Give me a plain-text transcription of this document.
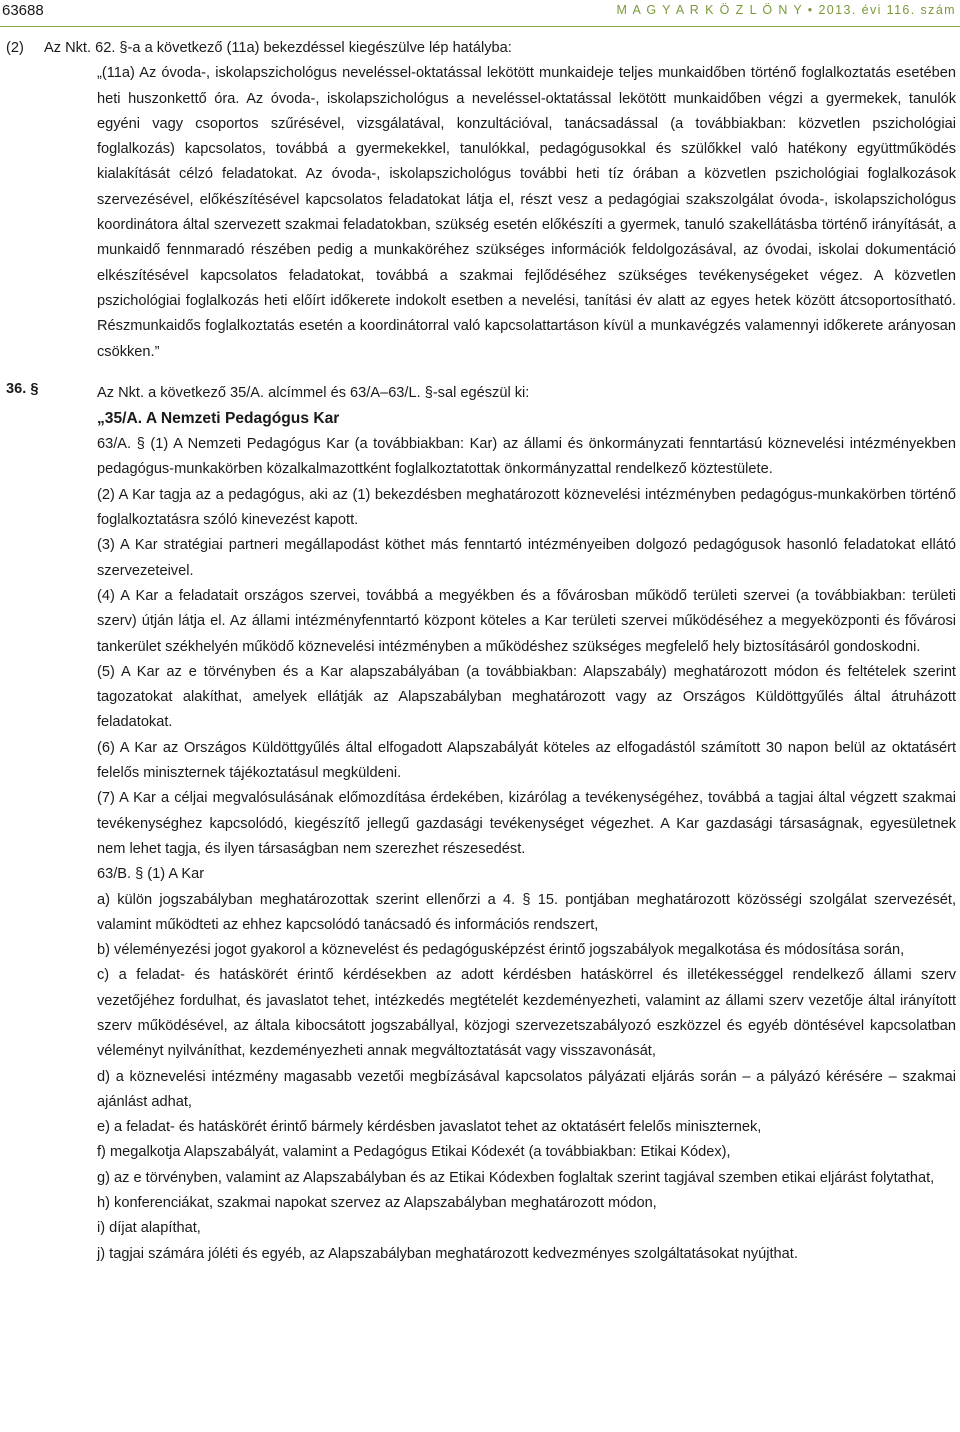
63688	M A G Y A R K Ö Z L Ö N Y • 2013. évi 116. szám

(2) Az Nkt. 62. §-a a következő (11a) bekezdéssel kiegészülve lép hatályba:

„(11a) Az óvoda-, iskolapszichológus neveléssel-oktatással lekötött munkaideje teljes munkaidőben történő foglalkoztatás esetében heti huszonkettő óra. Az óvoda-, iskolapszichológus a neveléssel-oktatással lekötött munkaidőben végzi a gyermekek, tanulók egyéni vagy csoportos szűrésével, vizsgálatával, konzultációval, tanácsadással (a továbbiakban: közvetlen pszichológiai foglalkozás) kapcsolatos, továbbá a gyermekekkel, tanulókkal, pedagógusokkal és szülőkkel való hatékony együttműködés kialakítását célzó feladatokat. Az óvoda-, iskolapszichológus további heti tíz órában a közvetlen pszichológiai foglalkozások szervezésével, előkészítésével kapcsolatos feladatokat látja el, részt vesz a pedagógiai szakszolgálat óvoda-, iskolapszichológus koordinátora által szervezett szakmai feladatokban, szükség esetén előkészíti a gyermek, tanuló szakellátásba történő irányítását, a munkaidő fennmaradó részében pedig a munkaköréhez szükséges információk feldolgozásával, az óvodai, iskolai dokumentáció elkészítésével kapcsolatos feladatokat, továbbá a szakmai fejlődéséhez szükséges tevékenységeket végez. A közvetlen pszichológiai foglalkozás heti előírt időkerete indokolt esetben a nevelési, tanítási év alatt az egyes hetek között átcsoportosítható. Részmunkaidős foglalkoztatás esetén a koordinátorral való kapcsolattartáson kívül a munkavégzés valamennyi időkerete arányosan csökken.”

36. §	Az Nkt. a következő 35/A. alcímmel és 63/A–63/L. §-sal egészül ki:

„35/A. A Nemzeti Pedagógus Kar

63/A. § (1) A Nemzeti Pedagógus Kar (a továbbiakban: Kar) az állami és önkormányzati fenntartású köznevelési intézményekben pedagógus-munkakörben közalkalmazottként foglalkoztatottak önkormányzattal rendelkező köztestülete.

(2) A Kar tagja az a pedagógus, aki az (1) bekezdésben meghatározott köznevelési intézményben pedagógus-munkakörben történő foglalkoztatásra szóló kinevezést kapott.

(3) A Kar stratégiai partneri megállapodást köthet más fenntartó intézményeiben dolgozó pedagógusok hasonló feladatokat ellátó szervezeteivel.

(4) A Kar a feladatait országos szervei, továbbá a megyékben és a fővárosban működő területi szervei (a továbbiakban: területi szerv) útján látja el. Az állami intézményfenntartó központ köteles a Kar területi szervei működéséhez a megyeközponti és fővárosi tankerület székhelyén működő köznevelési intézményben a működéshez szükséges megfelelő hely biztosításáról gondoskodni.

(5) A Kar az e törvényben és a Kar alapszabályában (a továbbiakban: Alapszabály) meghatározott módon és feltételek szerint tagozatokat alakíthat, amelyek ellátják az Alapszabályban meghatározott vagy az Országos Küldöttgyűlés által átruházott feladatokat.

(6) A Kar az Országos Küldöttgyűlés által elfogadott Alapszabályát köteles az elfogadástól számított 30 napon belül az oktatásért felelős miniszternek tájékoztatásul megküldeni.

(7) A Kar a céljai megvalósulásának előmozdítása érdekében, kizárólag a tevékenységéhez, továbbá a tagjai által végzett szakmai tevékenységhez kapcsolódó, kiegészítő jellegű gazdasági tevékenységet végezhet. A Kar gazdasági társaságnak, egyesületnek nem lehet tagja, és ilyen társaságban nem szerezhet részesedést.

63/B. § (1) A Kar

a) külön jogszabályban meghatározottak szerint ellenőrzi a 4. § 15. pontjában meghatározott közösségi szolgálat szervezését, valamint működteti az ehhez kapcsolódó tanácsadó és információs rendszert,

b) véleményezési jogot gyakorol a köznevelést és pedagógusképzést érintő jogszabályok megalkotása és módosítása során,

c) a feladat- és hatáskörét érintő kérdésekben az adott kérdésben hatáskörrel és illetékességgel rendelkező állami szerv vezetőjéhez fordulhat, és javaslatot tehet, intézkedés megtételét kezdeményezheti, valamint az állami szerv vezetője által irányított szerv működésével, az általa kibocsátott jogszabállyal, közjogi szervezetszabályozó eszközzel és egyéb döntésével kapcsolatban véleményt nyilváníthat, kezdeményezheti annak megváltoztatását vagy visszavonását,

d) a köznevelési intézmény magasabb vezetői megbízásával kapcsolatos pályázati eljárás során – a pályázó kérésére – szakmai ajánlást adhat,

e) a feladat- és hatáskörét érintő bármely kérdésben javaslatot tehet az oktatásért felelős miniszternek,

f) megalkotja Alapszabályát, valamint a Pedagógus Etikai Kódexét (a továbbiakban: Etikai Kódex),

g) az e törvényben, valamint az Alapszabályban és az Etikai Kódexben foglaltak szerint tagjával szemben etikai eljárást folytathat,

h) konferenciákat, szakmai napokat szervez az Alapszabályban meghatározott módon,

i) díjat alapíthat,

j) tagjai számára jóléti és egyéb, az Alapszabályban meghatározott kedvezményes szolgáltatásokat nyújthat.
